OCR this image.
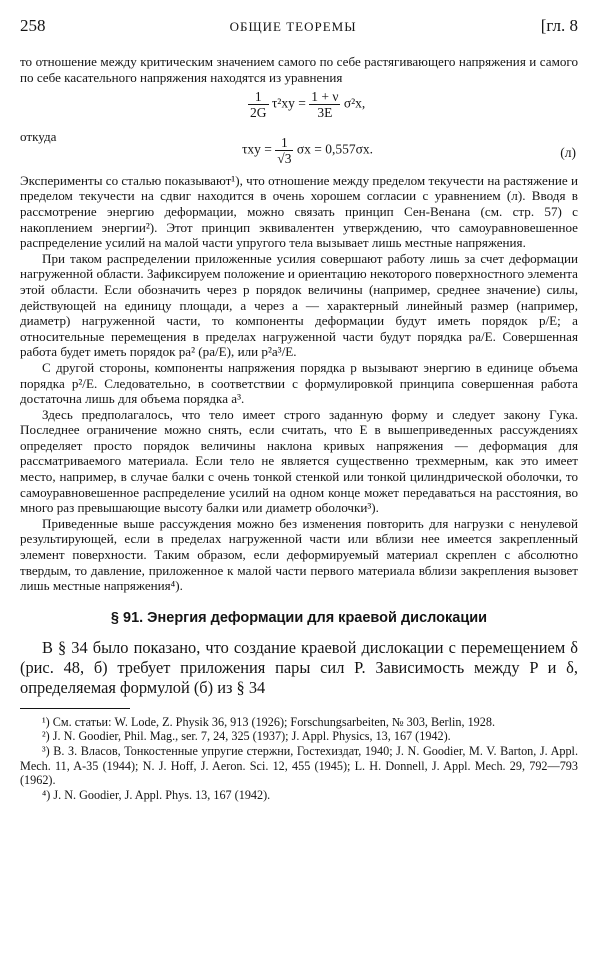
258	ОБЩИЕ ТЕОРЕМЫ	[гл. 8

то отношение между критическим значением самого по себе растягивающего напряжения и самого по себе касательного напряжения находятся из уравнения

$\frac{1}{2G} \tau^2xy = \frac{1 + \nu}{3E} \sigma^2x$,

откуда

$\tau xy = \frac{1}{√3}$ σx = 0,557σx.	(л)

Эксперименты со сталью показывают¹), что отношение между пределом текучести на растяжение и пределом текучести на сдвиг находится в очень хорошем согласии с уравнением (л). Вводя в рассмотрение энергию деформации, можно связать принцип Сен-Венана (см. стр. 57) с накоплением энергии²). Этот принцип эквивалентен утверждению, что самоуравновешенное распределение усилий на малой части упругого тела вызывает лишь местные напряжения.

При таком распределении приложенные усилия совершают работу лишь за счет деформации нагруженной области. Зафиксируем положение и ориентацию некоторого поверхностного элемента этой области. Если обозначить через p порядок величины (например, среднее значение) силы, действующей на единицу площади, а через a — характерный линейный размер (например, диаметр) нагруженной части, то компоненты деформации будут иметь порядок p/E; а относительные перемещения в пределах нагруженной части будут порядка pa/E. Совершенная работа будет иметь порядок pa² (pa/E), или p²a³/E.

С другой стороны, компоненты напряжения порядка p вызывают энергию в единице объема порядка p²/E. Следовательно, в соответствии с формулировкой принципа совершенная работа достаточна лишь для объема порядка a³.

Здесь предполагалось, что тело имеет строго заданную форму и следует закону Гука. Последнее ограничение можно снять, если считать, что E в вышеприведенных рассуждениях определяет просто порядок величины наклона кривых напряжения — деформация для рассматриваемого материала. Если тело не является существенно трехмерным, как это имеет место, например, в случае балки с очень тонкой стенкой или тонкой цилиндрической оболочки, то самоуравновешенное распределение усилий на одном конце может передаваться на расстояния, во много раз превышающие высоту балки или диаметр оболочки³).

Приведенные выше рассуждения можно без изменения повторить для нагрузки с ненулевой результирующей, если в пределах нагруженной части или вблизи нее имеется закрепленный элемент поверхности. Таким образом, если деформируемый материал скреплен с абсолютно твердым, то давление, приложенное к малой части первого материала вблизи закрепления вызовет лишь местные напряжения⁴).

§ 91. Энергия деформации для краевой дислокации

В § 34 было показано, что создание краевой дислокации с перемещением δ (рис. 48, б) требует приложения пары сил P. Зависимость между P и δ, определяемая формулой (б) из § 34

¹) См. статьи: W. Lode, Z. Physik 36, 913 (1926); Forschungsarbeiten, № 303, Berlin, 1928.

²) J. N. Goodier, Phil. Mag., ser. 7, 24, 325 (1937); J. Appl. Physics, 13, 167 (1942).

³) В. З. Власов, Тонкостенные упругие стержни, Гостехиздат, 1940; J. N. Goodier, M. V. Barton, J. Appl. Mech. 11, A-35 (1944); N. J. Hoff, J. Aeron. Sci. 12, 455 (1945); L. H. Donnell, J. Appl. Mech. 29, 792—793 (1962).

⁴) J. N. Goodier, J. Appl. Phys. 13, 167 (1942).
